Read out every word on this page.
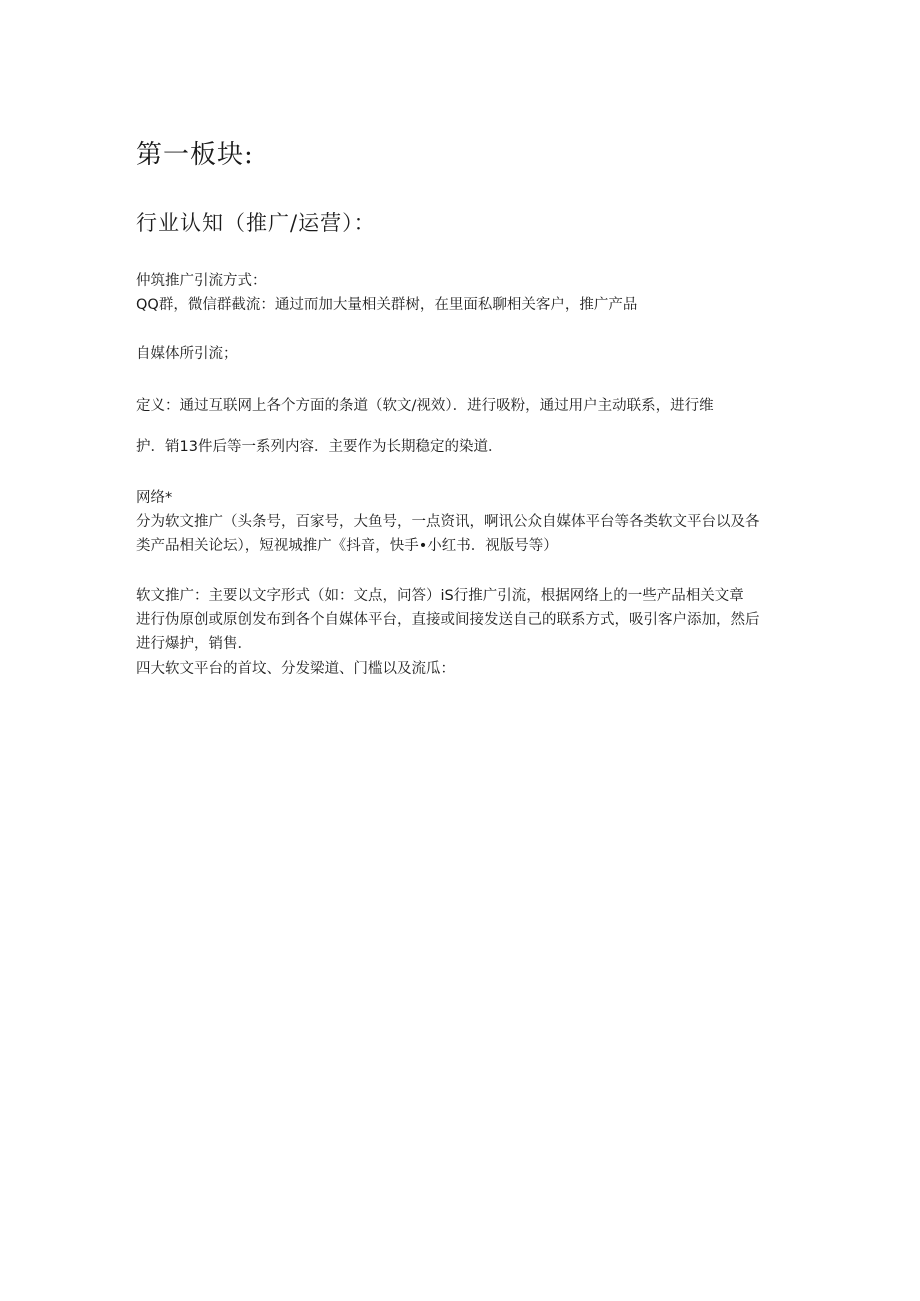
第一板块:
行业认知（推广/运营）：
仲筑推广引流方式：
QQ群，微信群截流：通过而加大量相关群树，在里面私聊相关客户，推广产品
自媒体所引流；
定义：通过互联网上各个方面的条道（软文/视效）．进行吸粉，通过用户主动联系，进行维
护．销13件后等一系列内容．主要作为长期稳定的染道．
网络*
分为软文推广（头条号，百家号，大鱼号，一点资讯，啊讯公众自媒体平台等各类软文平台以及各
类产品相关论坛），短视城推广《抖音，快手•小红书．视版号等）
软文推广：主要以文字形式（如：文点，问答）iS行推广引流，根据网络上的一些产品相关文章
进行伪原创或原创发布到各个自媒体平台，直接或间接发送自己的联系方式，吸引客户添加，然后
进行爆护，销售．
四大软文平台的首坟、分发梁道、门槛以及流瓜：
